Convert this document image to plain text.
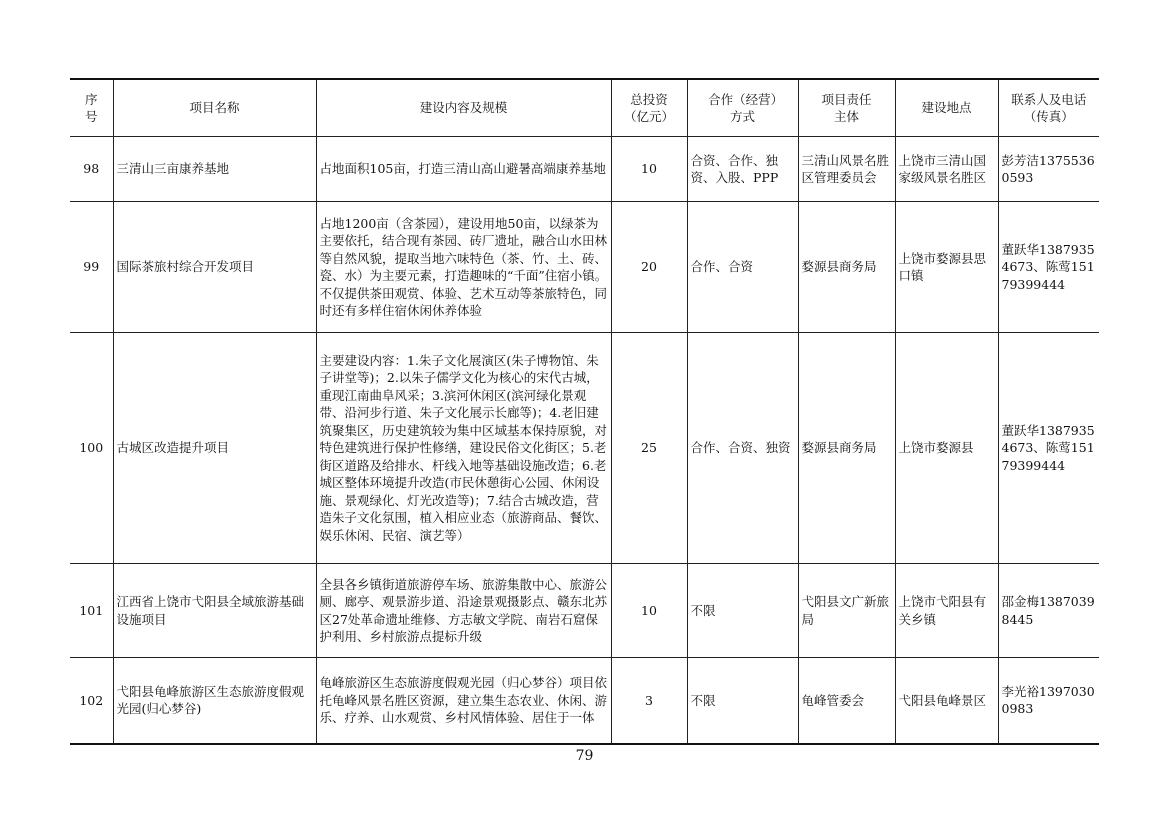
序号	项目名称	建设内容及规模	总投资（亿元）	合作（经营）方式	项目责任主体	建设地点	联系人及电话（传真）
98	三清山三亩康养基地	占地面积105亩，打造三清山高山避暑高端康养基地	10	合资、合作、独资、入股、PPP	三清山风景名胜区管理委员会	上饶市三清山国家级风景名胜区	彭芳洁13755360593
99	国际茶旅村综合开发项目	占地1200亩（含茶园），建设用地50亩，以绿茶为主要依托，结合现有茶园、砖厂遗址，融合山水田林等自然风貌，提取当地六味特色（茶、竹、土、砖、瓷、水）为主要元素，打造趣味的“千面”住宿小镇。不仅提供茶田观赏、体验、艺术互动等茶旅特色，同时还有多样住宿休闲休养体验	20	合作、合资	婺源县商务局	上饶市婺源县思口镇	董跃华13879354673、陈莺15179399444
100	古城区改造提升项目	主要建设内容：1.朱子文化展演区(朱子博物馆、朱子讲堂等)；2.以朱子儒学文化为核心的宋代古城，重现江南曲阜风采；3.滨河休闲区(滨河绿化景观带、沿河步行道、朱子文化展示长廊等)；4.老旧建筑聚集区，历史建筑较为集中区域基本保持原貌，对特色建筑进行保护性修缮，建设民俗文化街区；5.老街区道路及给排水、杆线入地等基础设施改造；6.老城区整体环境提升改造(市民休憩街心公园、休闲设施、景观绿化、灯光改造等)；7.结合古城改造，营造朱子文化氛围，植入相应业态（旅游商品、餐饮、娱乐休闲、民宿、演艺等）	25	合作、合资、独资	婺源县商务局	上饶市婺源县	董跃华13879354673、陈莺15179399444
101	江西省上饶市弋阳县全域旅游基础设施项目	全县各乡镇街道旅游停车场、旅游集散中心、旅游公厕、廊亭、观景游步道、沿途景观摄影点、赣东北苏区27处革命遗址维修、方志敏文学院、南岩石窟保护利用、乡村旅游点提标升级	10	不限	弋阳县文广新旅局	上饶市弋阳县有关乡镇	邵金梅13870398445
102	弋阳县龟峰旅游区生态旅游度假观光园(归心梦谷)	龟峰旅游区生态旅游度假观光园（归心梦谷）项目依托龟峰风景名胜区资源，建立集生态农业、休闲、游乐、疗养、山水观赏、乡村风情体验、居住于一体	3	不限	龟峰管委会	弋阳县龟峰景区	李光裕13970300983
79
